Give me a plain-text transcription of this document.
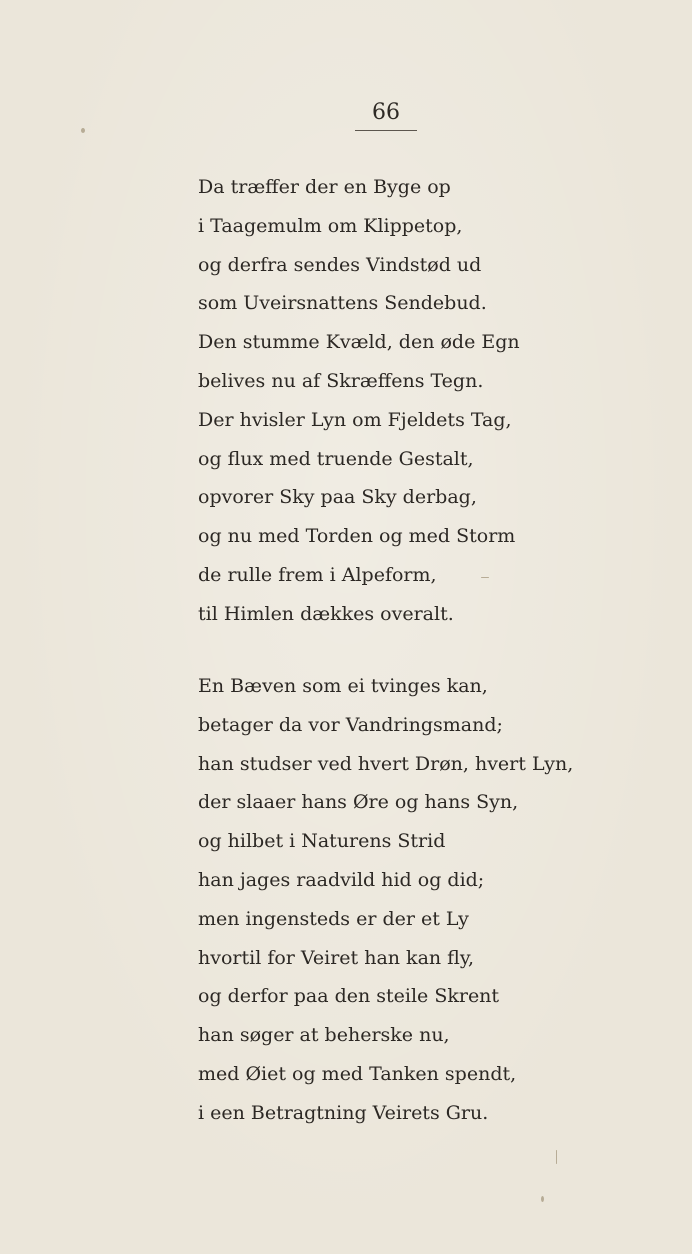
66
Da træffer der en Byge op
i Taagemulm om Klippetop,
og derfra sendes Vindstød ud
som Uveirsnattens Sendebud.
Den stumme Kvæld, den øde Egn
belives nu af Skræffens Tegn.
Der hvisler Lyn om Fjeldets Tag,
og flux med truende Gestalt,
opvorer Sky paa Sky derbag,
og nu med Torden og med Storm
de rulle frem i Alpeform,
til Himlen dækkes overalt.
En Bæven som ei tvinges kan,
betager da vor Vandringsmand;
han studser ved hvert Drøn, hvert Lyn,
der slaaer hans Øre og hans Syn,
og hilbet i Naturens Strid
han jages raadvild hid og did;
men ingensteds er der et Ly
hvortil for Veiret han kan fly,
og derfor paa den steile Skrent
han søger at beherske nu,
med Øiet og med Tanken spendt,
i een Betragtning Veirets Gru.
